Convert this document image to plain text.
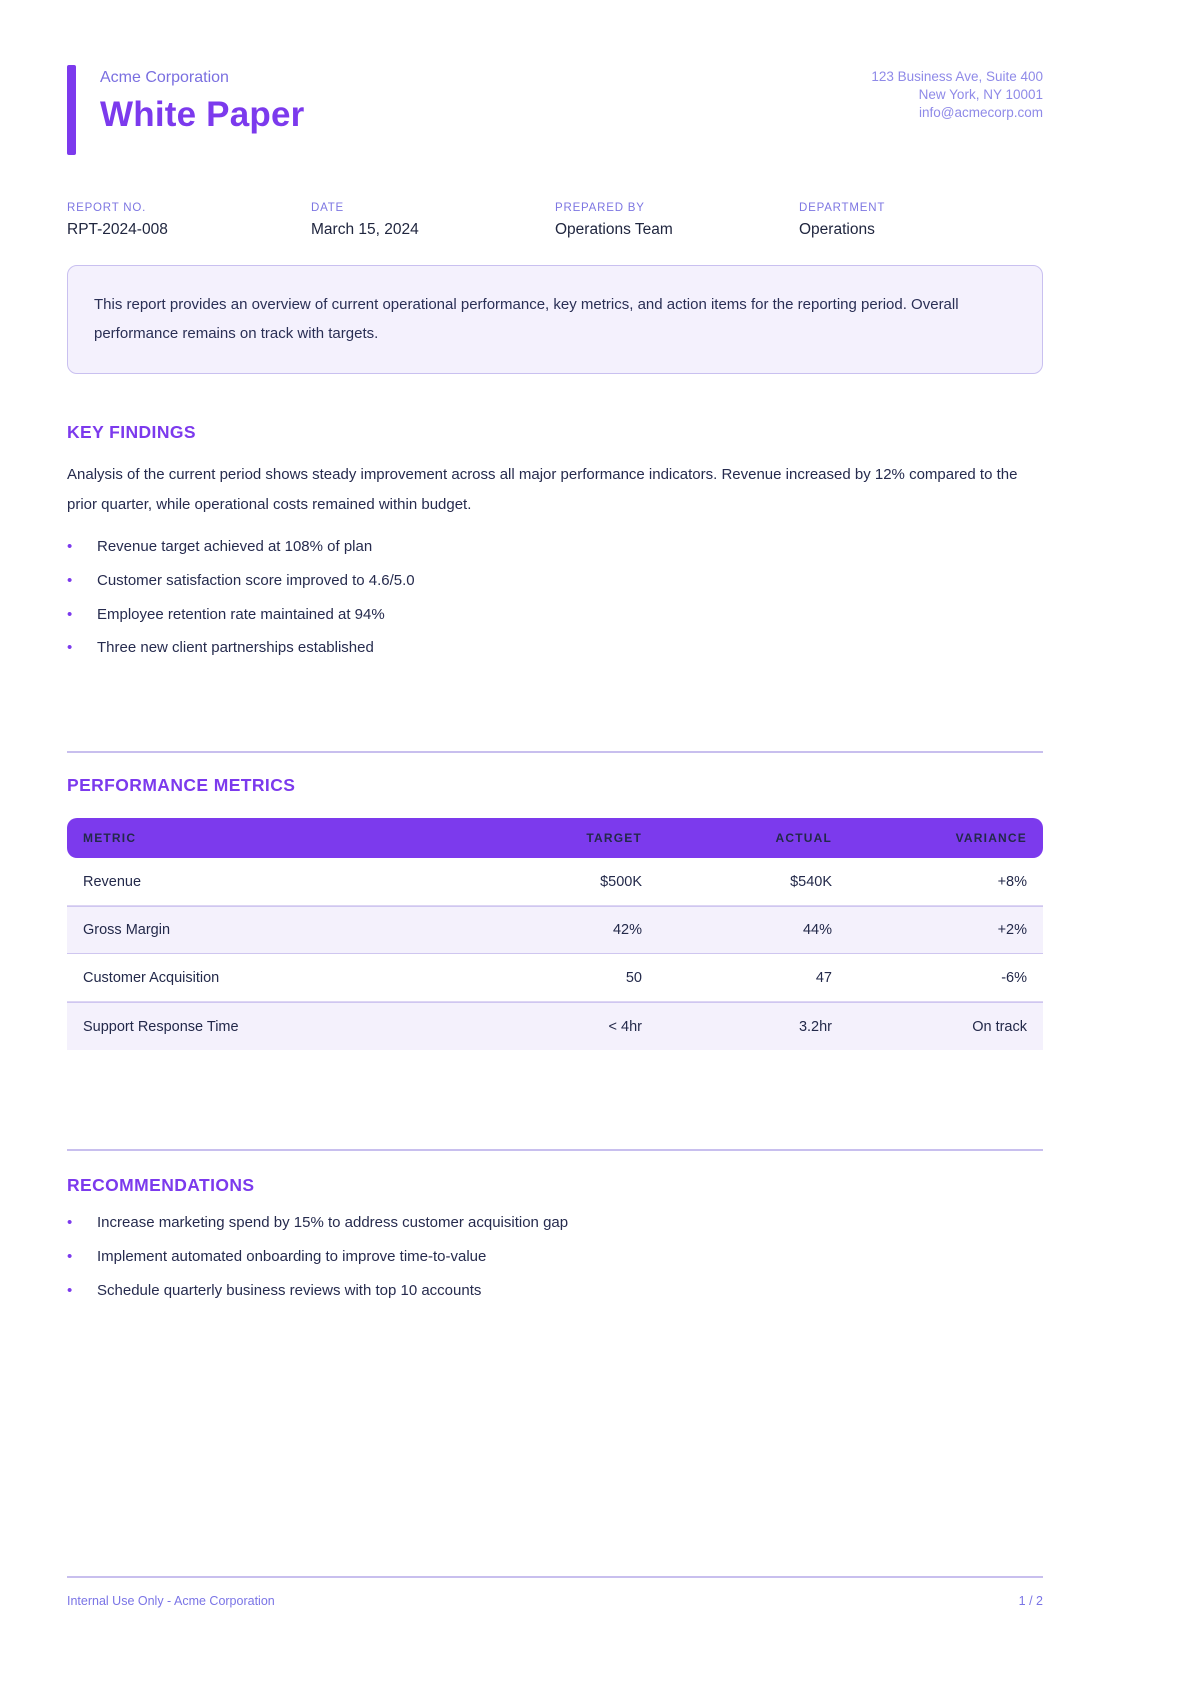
Acme Corporation
White Paper
123 Business Ave, Suite 400
New York, NY 10001
info@acmecorp.com
REPORT NO.
RPT-2024-008
DATE
March 15, 2024
PREPARED BY
Operations Team
DEPARTMENT
Operations

This report provides an overview of current operational performance, key metrics, and action items for the reporting period. Overall performance remains on track with targets.

KEY FINDINGS

Analysis of the current period shows steady improvement across all major performance indicators. Revenue increased by 12% compared to the prior quarter, while operational costs remained within budget.

•	Revenue target achieved at 108% of plan
•	Customer satisfaction score improved to 4.6/5.0
•	Employee retention rate maintained at 94%
•	Three new client partnerships established
PERFORMANCE METRICS
METRIC	TARGET	ACTUAL	VARIANCE
Revenue	$500K	$540K	+8%
Gross Margin	42%	44%	+2%
Customer Acquisition	50	47	-6%
Support Response Time	< 4hr	3.2hr	On track
RECOMMENDATIONS
•	Increase marketing spend by 15% to address customer acquisition gap
•	Implement automated onboarding to improve time-to-value
•	Schedule quarterly business reviews with top 10 accounts
Internal Use Only - Acme Corporation	1 / 2
